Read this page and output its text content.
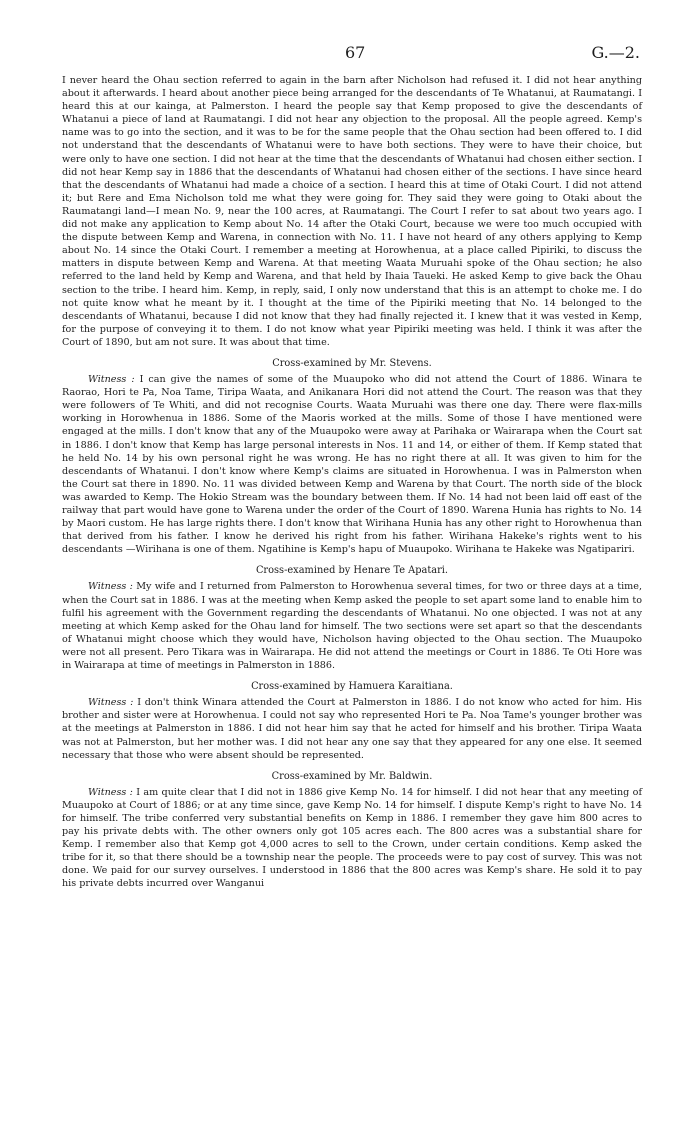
67	G.—2.

I never heard the Ohau section referred to again in the barn after Nicholson had refused it. I did not hear anything about it afterwards. I heard about another piece being arranged for the descendants of Te Whatanui, at Raumatangi. I heard this at our kainga, at Palmerston. I heard the people say that Kemp proposed to give the descendants of Whatanui a piece of land at Raumatangi. I did not hear any objection to the proposal. All the people agreed. Kemp's name was to go into the section, and it was to be for the same people that the Ohau section had been offered to. I did not understand that the descendants of Whatanui were to have both sections. They were to have their choice, but were only to have one section. I did not hear at the time that the descendants of Whatanui had chosen either section. I did not hear Kemp say in 1886 that the descendants of Whatanui had chosen either of the sections. I have since heard that the descendants of Whatanui had made a choice of a section. I heard this at time of Otaki Court. I did not attend it; but Rere and Ema Nicholson told me what they were going for. They said they were going to Otaki about the Raumatangi land—I mean No. 9, near the 100 acres, at Raumatangi. The Court I refer to sat about two years ago. I did not make any application to Kemp about No. 14 after the Otaki Court, because we were too much occupied with the dispute between Kemp and Warena, in connection with No. 11. I have not heard of any others applying to Kemp about No. 14 since the Otaki Court. I remember a meeting at Horowhenua, at a place called Pipiriki, to discuss the matters in dispute between Kemp and Warena. At that meeting Waata Muruahi spoke of the Ohau section; he also referred to the land held by Kemp and Warena, and that held by Ihaia Taueki. He asked Kemp to give back the Ohau section to the tribe. I heard him. Kemp, in reply, said, I only now understand that this is an attempt to choke me. I do not quite know what he meant by it. I thought at the time of the Pipiriki meeting that No. 14 belonged to the descendants of Whatanui, because I did not know that they had finally rejected it. I knew that it was vested in Kemp, for the purpose of conveying it to them. I do not know what year Pipiriki meeting was held. I think it was after the Court of 1890, but am not sure. It was about that time.

Cross-examined by Mr. Stevens.

Witness : I can give the names of some of the Muaupoko who did not attend the Court of 1886. Winara te Raorao, Hori te Pa, Noa Tame, Tiripa Waata, and Anikanara Hori did not attend the Court. The reason was that they were followers of Te Whiti, and did not recognise Courts. Waata Muruahi was there one day. There were flax-mills working in Horowhenua in 1886. Some of the Maoris worked at the mills. Some of those I have mentioned were engaged at the mills. I don't know that any of the Muaupoko were away at Parihaka or Wairarapa when the Court sat in 1886. I don't know that Kemp has large personal interests in Nos. 11 and 14, or either of them. If Kemp stated that he held No. 14 by his own personal right he was wrong. He has no right there at all. It was given to him for the descendants of Whatanui. I don't know where Kemp's claims are situated in Horowhenua. I was in Palmerston when the Court sat there in 1890. No. 11 was divided between Kemp and Warena by that Court. The north side of the block was awarded to Kemp. The Hokio Stream was the boundary between them. If No. 14 had not been laid off east of the railway that part would have gone to Warena under the order of the Court of 1890. Warena Hunia has rights to No. 14 by Maori custom. He has large rights there. I don't know that Wirihana Hunia has any other right to Horowhenua than that derived from his father. I know he derived his right from his father. Wirihana Hakeke's rights went to his descendants —Wirihana is one of them. Ngatihine is Kemp's hapu of Muaupoko. Wirihana te Hakeke was Ngatipariri.

Cross-examined by Henare Te Apatari.

Witness : My wife and I returned from Palmerston to Horowhenua several times, for two or three days at a time, when the Court sat in 1886. I was at the meeting when Kemp asked the people to set apart some land to enable him to fulfil his agreement with the Government regarding the descendants of Whatanui. No one objected. I was not at any meeting at which Kemp asked for the Ohau land for himself. The two sections were set apart so that the descendants of Whatanui might choose which they would have, Nicholson having objected to the Ohau section. The Muaupoko were not all present. Pero Tikara was in Wairarapa. He did not attend the meetings or Court in 1886. Te Oti Hore was in Wairarapa at time of meetings in Palmerston in 1886.

Cross-examined by Hamuera Karaitiana.

Witness : I don't think Winara attended the Court at Palmerston in 1886. I do not know who acted for him. His brother and sister were at Horowhenua. I could not say who represented Hori te Pa. Noa Tame's younger brother was at the meetings at Palmerston in 1886. I did not hear him say that he acted for himself and his brother. Tiripa Waata was not at Palmerston, but her mother was. I did not hear any one say that they appeared for any one else. It seemed necessary that those who were absent should be represented.

Cross-examined by Mr. Baldwin.

Witness : I am quite clear that I did not in 1886 give Kemp No. 14 for himself. I did not hear that any meeting of Muaupoko at Court of 1886; or at any time since, gave Kemp No. 14 for himself. I dispute Kemp's right to have No. 14 for himself. The tribe conferred very substantial benefits on Kemp in 1886. I remember they gave him 800 acres to pay his private debts with. The other owners only got 105 acres each. The 800 acres was a substantial share for Kemp. I remember also that Kemp got 4,000 acres to sell to the Crown, under certain conditions. Kemp asked the tribe for it, so that there should be a township near the people. The proceeds were to pay cost of survey. This was not done. We paid for our survey ourselves. I understood in 1886 that the 800 acres was Kemp's share. He sold it to pay his private debts incurred over Wanganui
